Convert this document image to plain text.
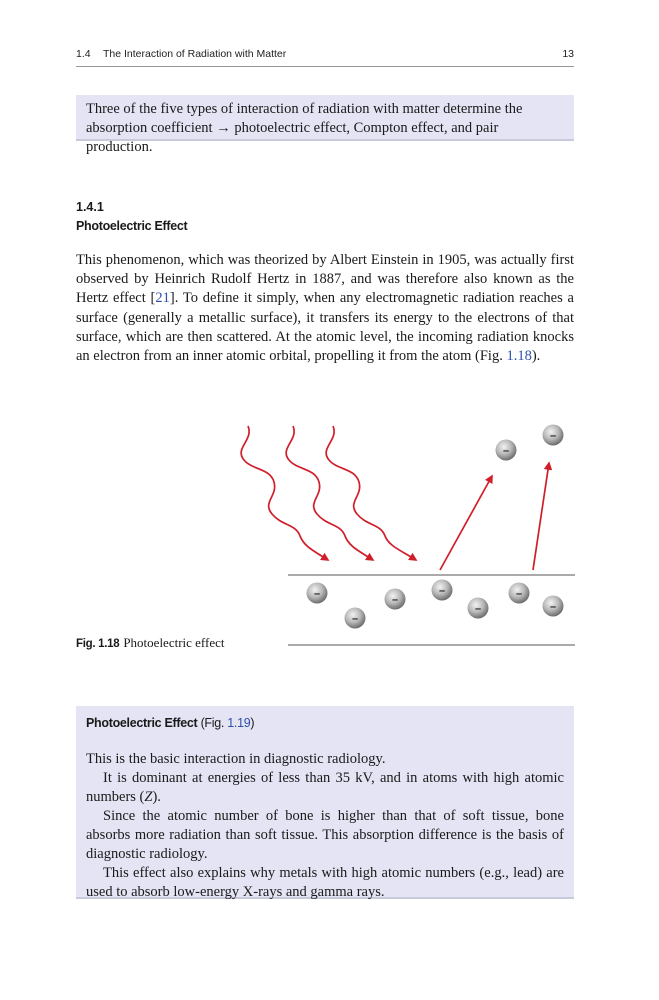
1.4 The Interaction of Radiation with Matter	13
Three of the five types of interaction of radiation with matter determine the absorption coefficient → photoelectric effect, Compton effect, and pair production.
1.4.1
Photoelectric Effect

This phenomenon, which was theorized by Albert Einstein in 1905, was actually first observed by Heinrich Rudolf Hertz in 1887, and was therefore also known as the Hertz effect [21]. To define it simply, when any electromagnetic radiation reaches a surface (generally a metallic surface), it transfers its energy to the electrons of that surface, which are then scattered. At the atomic level, the incoming radiation knocks an electron from an inner atomic orbital, propelling it from the atom (Fig. 1.18).

–
–
–
–
–
–
–
–
–
Fig. 1.18 Photoelectric effect
Photoelectric Effect (Fig. 1.19)

This is the basic interaction in diagnostic radiology.

It is dominant at energies of less than 35 kV, and in atoms with high atomic numbers (Z).

Since the atomic number of bone is higher than that of soft tissue, bone absorbs more radiation than soft tissue. This absorption difference is the basis of diagnostic radiology.

This effect also explains why metals with high atomic numbers (e.g., lead) are used to absorb low-energy X-rays and gamma rays.
